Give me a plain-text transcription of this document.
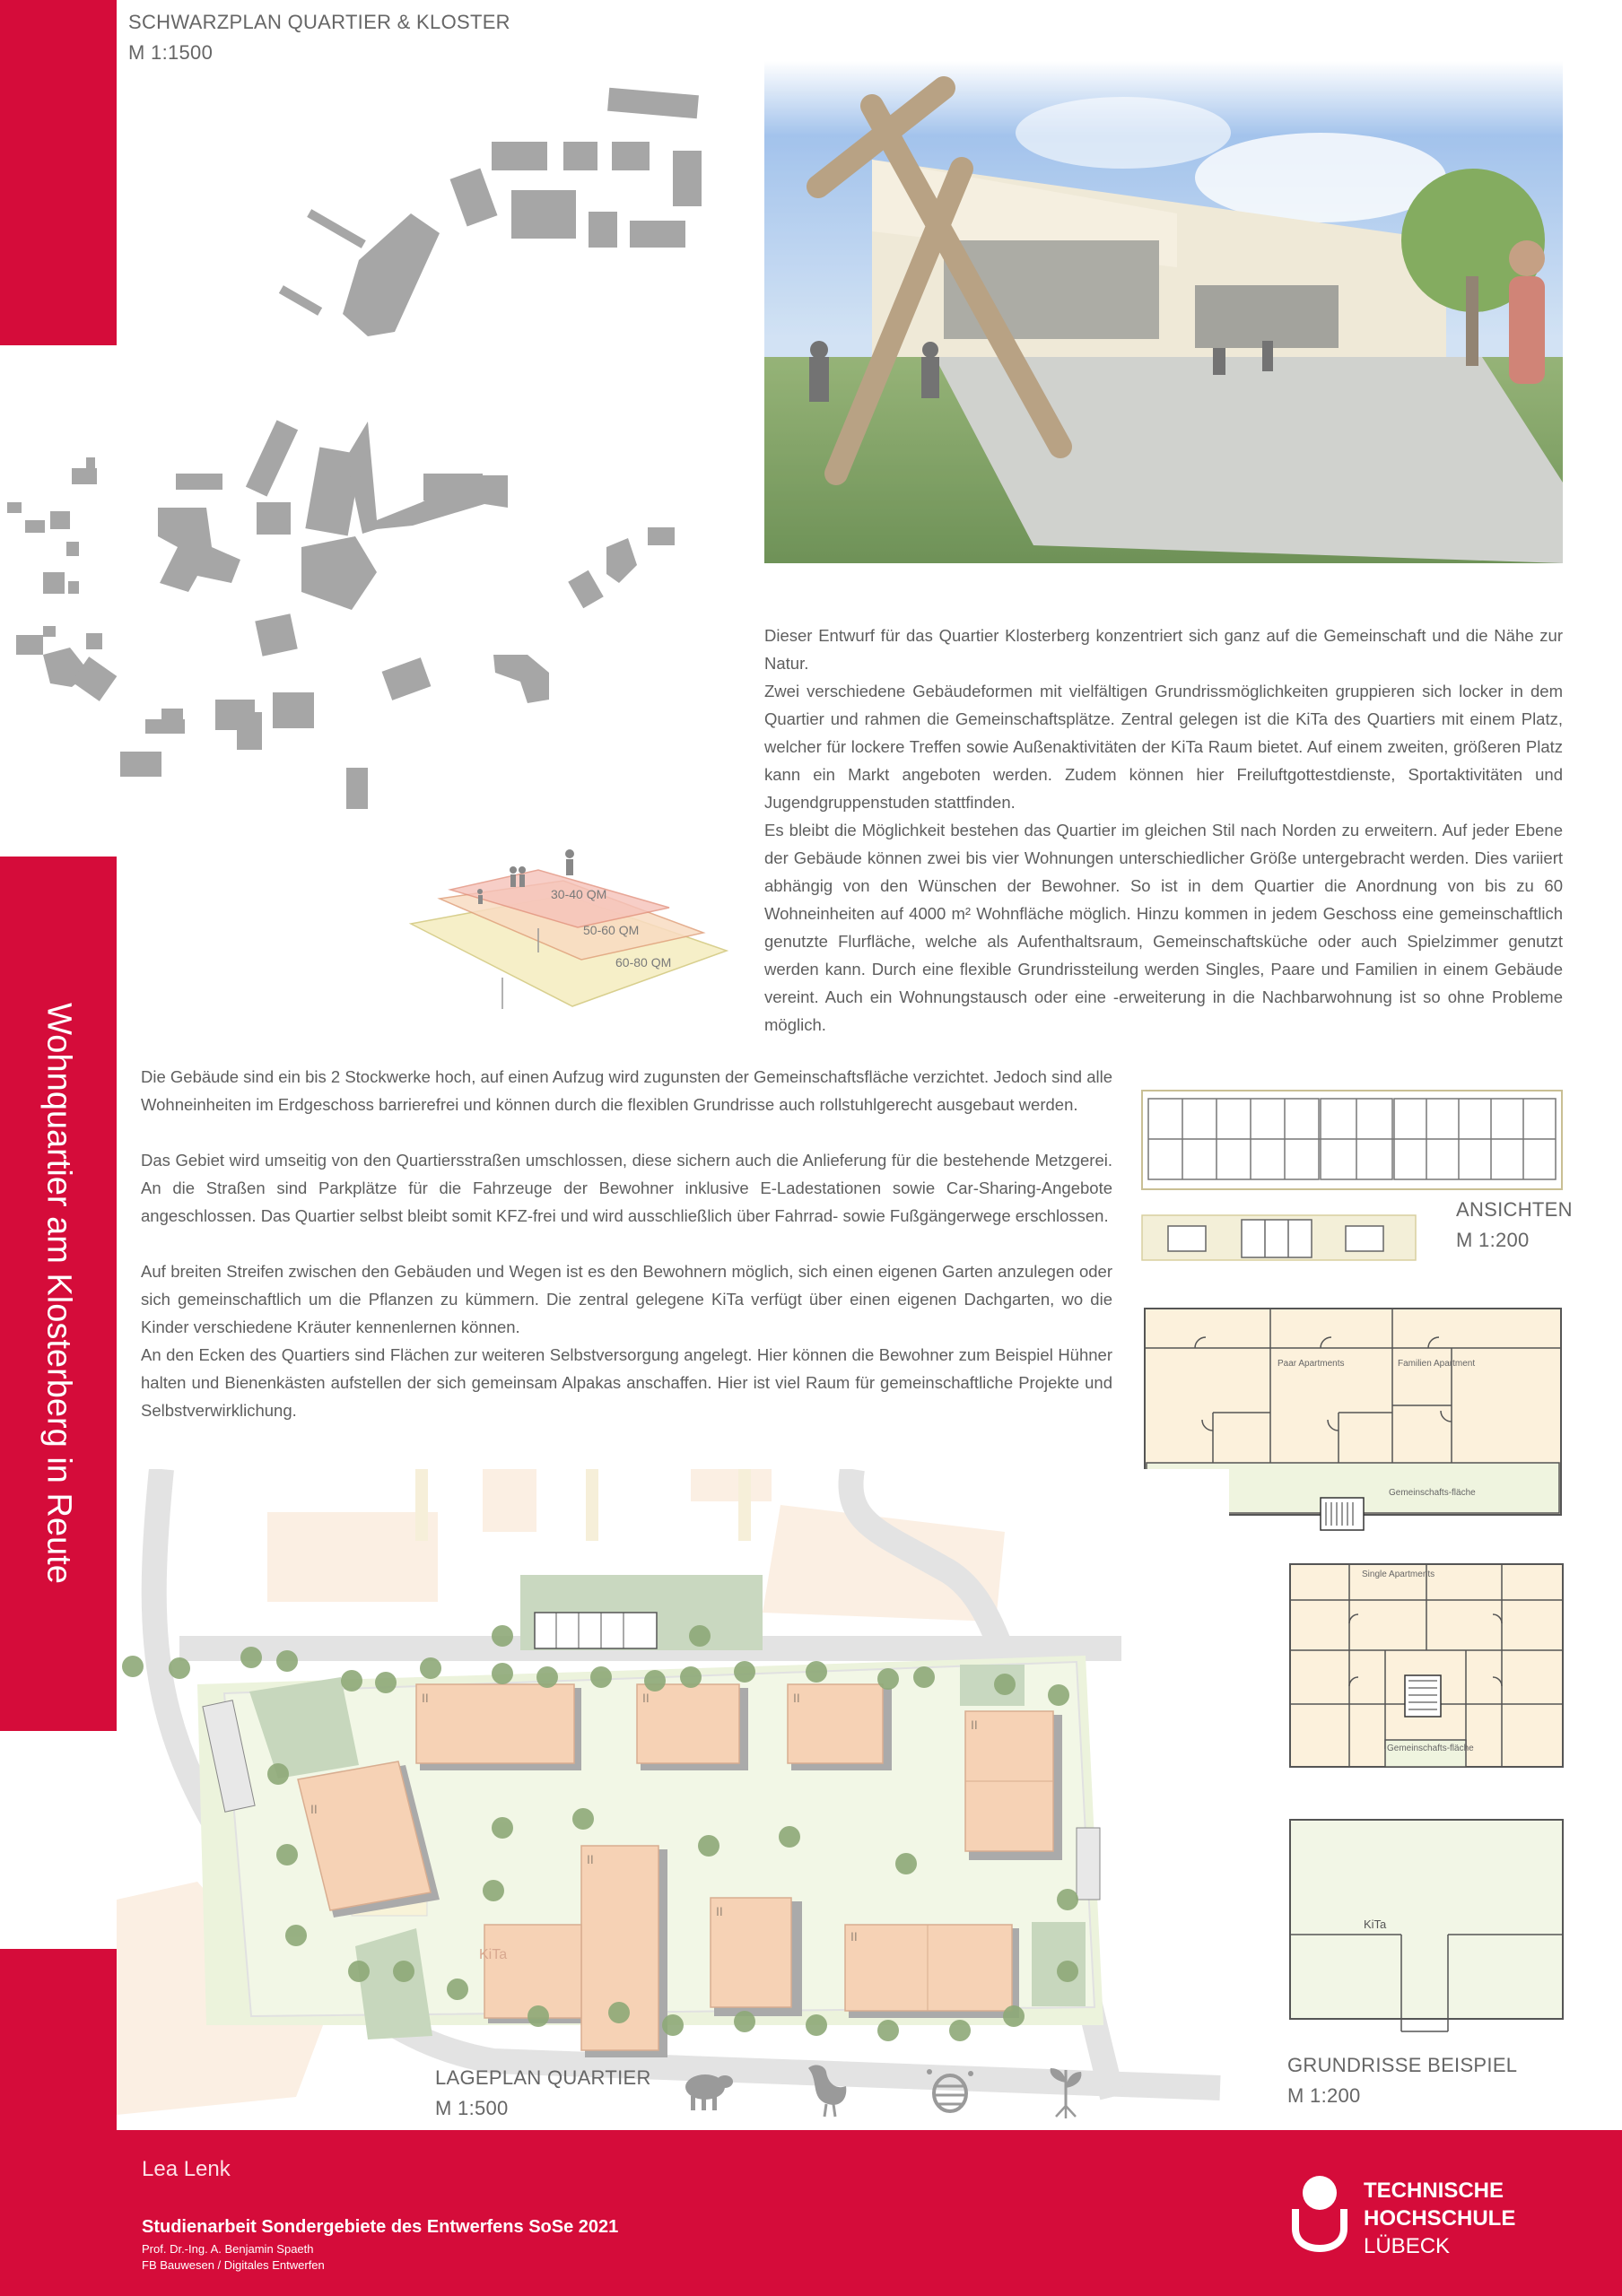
Wohnquartier am Klosterberg in Reute
SCHWARZPLAN QUARTIER & KLOSTER
M 1:1500
30-40 QM
50-60 QM
60-80 QM

Dieser Entwurf für das Quartier Klosterberg konzentriert sich ganz auf die Gemeinschaft und die Nähe zur Natur.

Zwei verschiedene Gebäudeformen mit vielfältigen Grundrissmöglichkeiten gruppieren sich locker in dem Quartier und rahmen die Gemeinschaftsplätze. Zentral gelegen ist die KiTa des Quartiers mit einem Platz, welcher für lockere Treffen sowie Außenaktivitäten der KiTa Raum bietet. Auf einem zweiten, größeren Platz kann ein Markt angeboten werden. Zudem können hier Freiluftgottestdienste, Sportaktivitäten und Jugendgruppenstuden stattfinden.

Es bleibt die Möglichkeit bestehen das Quartier im gleichen Stil nach Norden zu erweitern. Auf jeder Ebene der Gebäude können zwei bis vier Wohnungen unterschiedlicher Größe untergebracht werden. Dies variiert abhängig von den Wünschen der Bewohner. So ist in dem Quartier die Anordnung von bis zu 60 Wohneinheiten auf 4000 m² Wohnfläche möglich. Hinzu kommen in jedem Geschoss eine gemeinschaftlich genutzte Flurfläche, welche als Aufenthaltsraum, Gemeinschaftsküche oder auch Spielzimmer genutzt werden kann. Durch eine flexible Grundrissteilung werden Singles, Paare und Familien in einem Gebäude vereint. Auch ein Wohnungstausch oder eine -erweiterung in die Nachbarwohnung ist so ohne Probleme möglich.

Die Gebäude sind ein bis 2 Stockwerke hoch, auf einen Aufzug wird zugunsten der Gemeinschaftsfläche verzichtet. Jedoch sind alle Wohneinheiten im Erdgeschoss barrierefrei und können durch die flexiblen Grundrisse auch rollstuhlgerecht ausgebaut werden.

Das Gebiet wird umseitig von den Quartiersstraßen umschlossen, diese sichern auch die Anlieferung für die bestehende Metzgerei. An die Straßen sind Parkplätze für die Fahrzeuge der Bewohner inklusive E-Ladestationen sowie Car-Sharing-Angebote angeschlossen. Das Quartier selbst bleibt somit KFZ-frei und wird ausschließlich über Fahrrad- sowie Fußgängerwege erschlossen.

Auf breiten Streifen zwischen den Gebäuden und Wegen ist es den Bewohnern möglich, sich einen eigenen Garten anzulegen oder sich gemeinschaftlich um die Pflanzen zu kümmern. Die zentral gelegene KiTa verfügt über einen eigenen Dachgarten, wo die Kinder verschiedene Kräuter kennenlernen können.

An den Ecken des Quartiers sind Flächen zur weiteren Selbstversorgung angelegt. Hier können die Bewohner zum Beispiel Hühner halten und Bienenkästen aufstellen der sich gemeinsam Alpakas anschaffen. Hier ist viel Raum für gemeinschaftliche Projekte und Selbstverwirklichung.

ANSICHTEN
M 1:200
Paar Apartments	Familien Apartment
Gemeinschafts-fläche
Single Apartments
Gemeinschafts-fläche
KiTa
GRUNDRISSE BEISPIEL
M 1:200
II	II	II
II
II
II
II
II
KiTa
LAGEPLAN QUARTIER
M 1:500
Lea Lenk
Studienarbeit Sondergebiete des Entwerfens SoSe 2021
Prof. Dr.-Ing. A. Benjamin Spaeth
FB Bauwesen / Digitales Entwerfen
TECHNISCHE
HOCHSCHULE
LÜBECK
